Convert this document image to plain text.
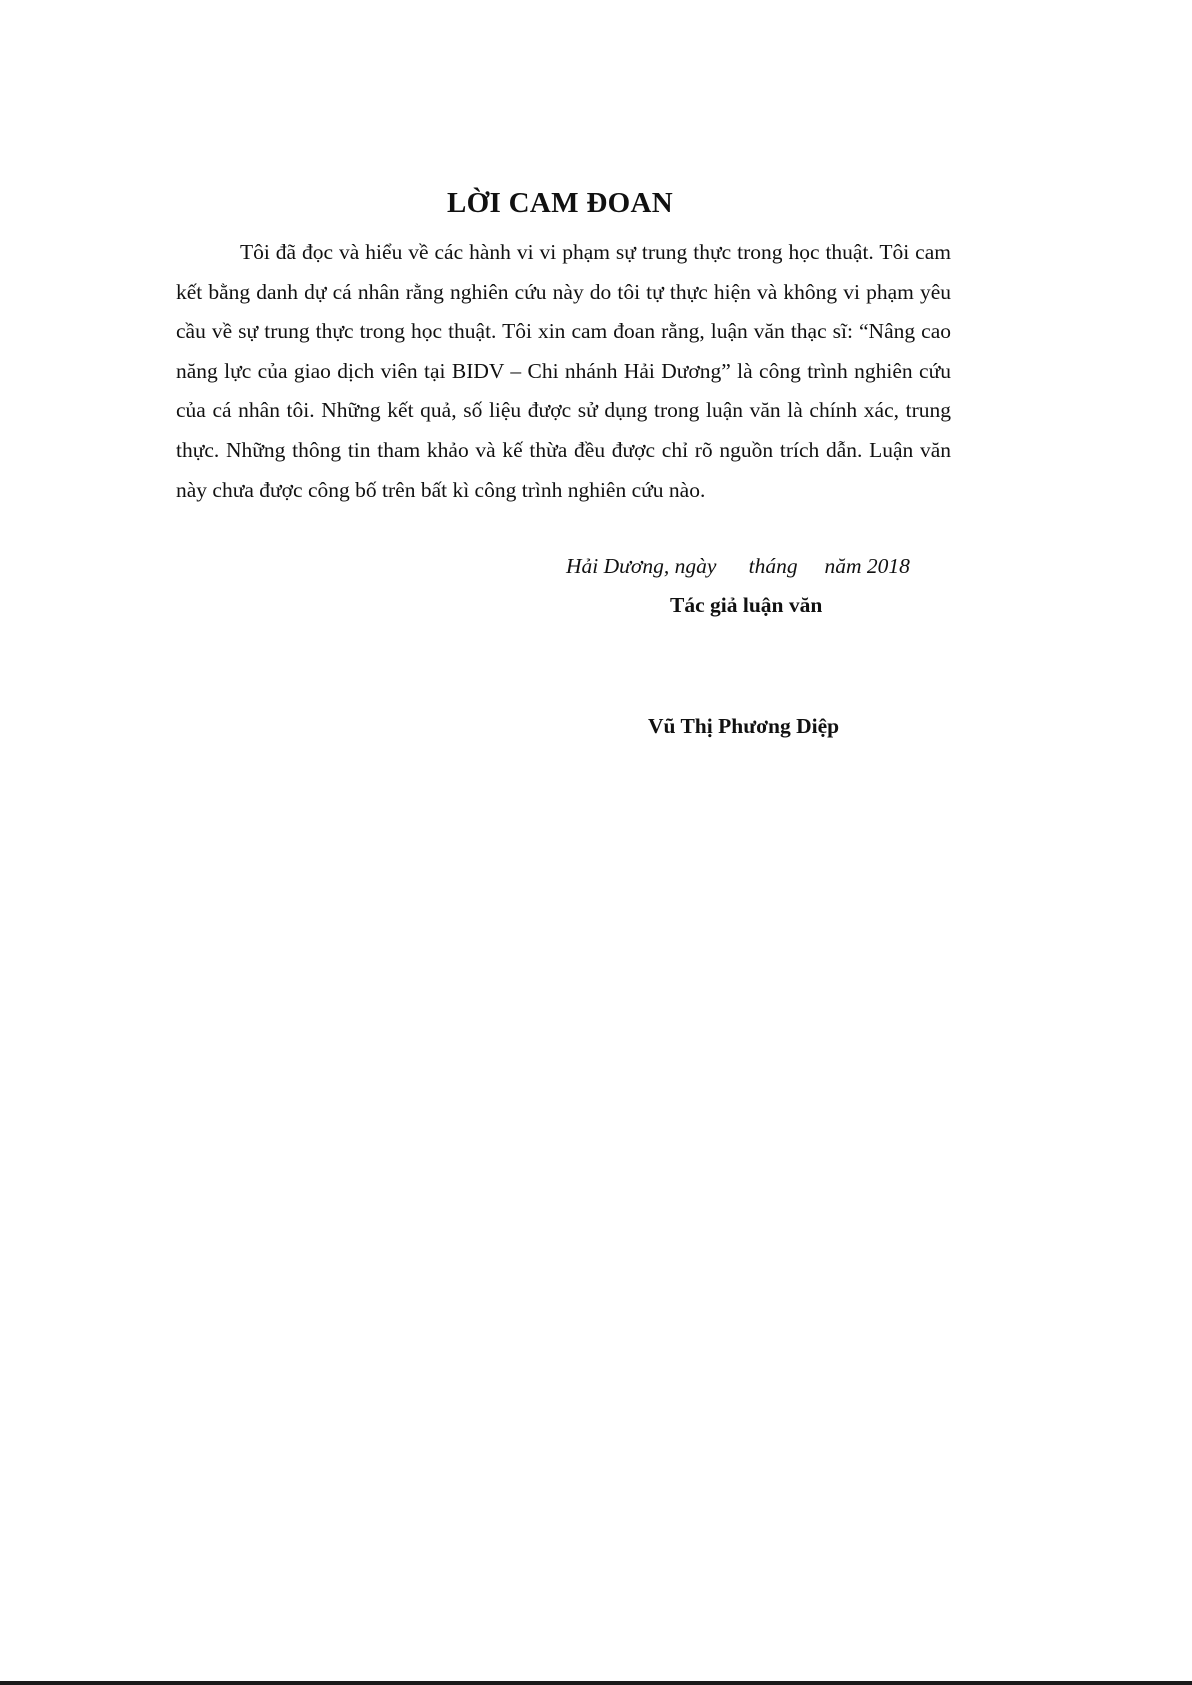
LỜI CAM ĐOAN

Tôi đã đọc và hiểu về các hành vi vi phạm sự trung thực trong học thuật. Tôi cam kết bằng danh dự cá nhân rằng nghiên cứu này do tôi tự thực hiện và không vi phạm yêu cầu về sự trung thực trong học thuật. Tôi xin cam đoan rằng, luận văn thạc sĩ: “Nâng cao năng lực của giao dịch viên tại BIDV – Chi nhánh Hải Dương” là công trình nghiên cứu của cá nhân tôi. Những kết quả, số liệu được sử dụng trong luận văn là chính xác, trung thực. Những thông tin tham khảo và kế thừa đều được chỉ rõ nguồn trích dẫn. Luận văn này chưa được công bố trên bất kì công trình nghiên cứu nào.

Hải Dương, ngày      tháng     năm 2018

Tác giả luận văn

Vũ Thị Phương Diệp
